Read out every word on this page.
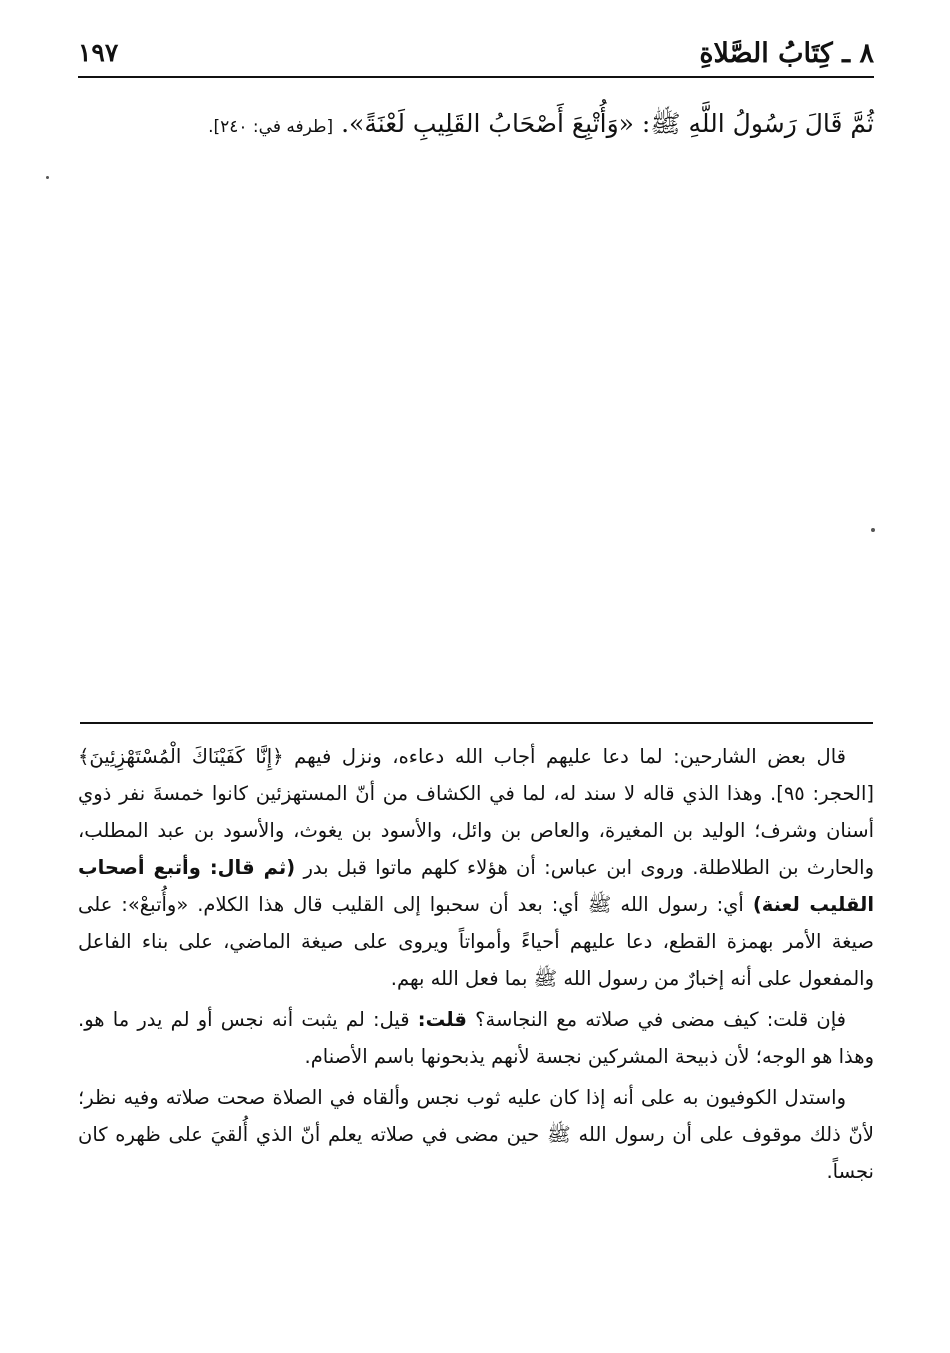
٨ ـ كِتَابُ الصَّلاةِ
١٩٧
ثُمَّ قَالَ رَسُولُ اللَّهِ ﷺ: «وَأُتْبِعَ أَصْحَابُ القَلِيبِ لَعْنَةً». [طرفه في: ٢٤٠].

قال بعض الشارحين: لما دعا عليهم أجاب الله دعاءه، ونزل فيهم ﴿إِنَّا كَفَيْنَاكَ الْمُسْتَهْزِئِينَ﴾ [الحجر: ٩٥]. وهذا الذي قاله لا سند له، لما في الكشاف من أنّ المستهزئين كانوا خمسةَ نفر ذوي أسنان وشرف؛ الوليد بن المغيرة، والعاص بن وائل، والأسود بن يغوث، والأسود بن عبد المطلب، والحارث بن الطلاطلة. وروى ابن عباس: أن هؤلاء كلهم ماتوا قبل بدر (ثم قال: وأتبع أصحاب القليب لعنة) أي: رسول الله ﷺ أي: بعد أن سحبوا إلى القليب قال هذا الكلام. «وأُتبعْ»: على صيغة الأمر بهمزة القطع، دعا عليهم أحياءً وأمواتاً ويروى على صيغة الماضي، على بناء الفاعل والمفعول على أنه إخبارٌ من رسول الله ﷺ بما فعل الله بهم.

فإن قلت: كيف مضى في صلاته مع النجاسة؟ قلت: قيل: لم يثبت أنه نجس أو لم يدر ما هو. وهذا هو الوجه؛ لأن ذبيحة المشركين نجسة لأنهم يذبحونها باسم الأصنام.

واستدل الكوفيون به على أنه إذا كان عليه ثوب نجس وألقاه في الصلاة صحت صلاته وفيه نظر؛ لأنّ ذلك موقوف على أن رسول الله ﷺ حين مضى في صلاته يعلم أنّ الذي أُلقيَ على ظهره كان نجساً.
